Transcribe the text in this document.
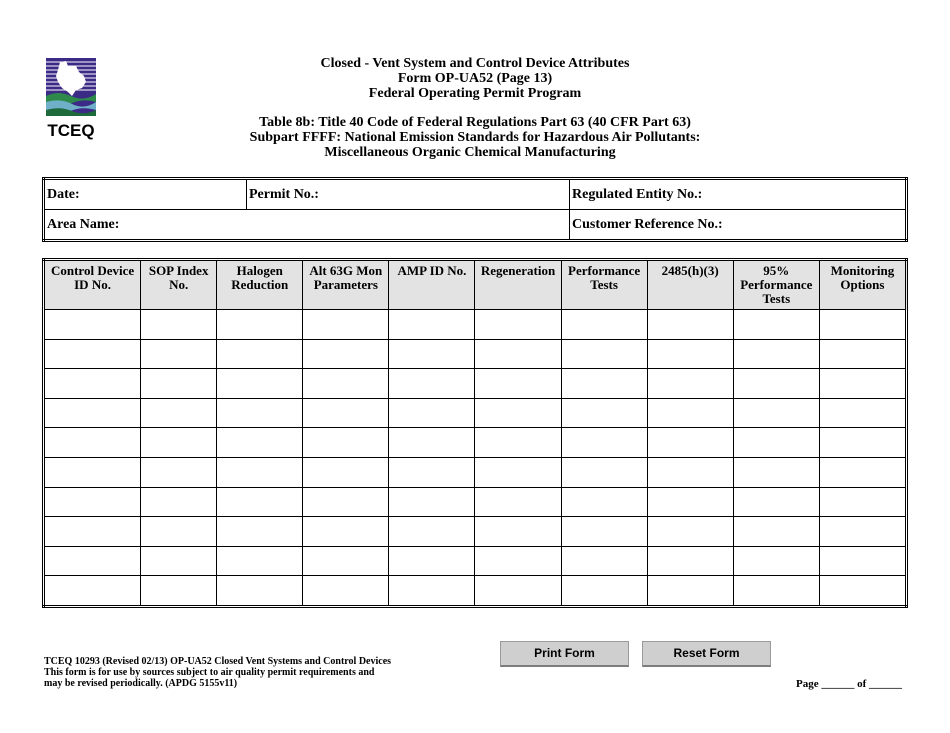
TCEQ
Closed - Vent System and Control Device Attributes
Form OP-UA52 (Page 13)
Federal Operating Permit Program
Table 8b: Title 40 Code of Federal Regulations Part 63 (40 CFR Part 63)
Subpart FFFF: National Emission Standards for Hazardous Air Pollutants:
Miscellaneous Organic Chemical Manufacturing
Date:	Permit No.:	Regulated Entity No.:
Area Name:		Customer Reference No.:
Control Device ID No.	SOP Index No.	Halogen Reduction	Alt 63G Mon Parameters	AMP ID No.	Regeneration	Performance Tests	2485(h)(3)	95% Performance Tests	Monitoring Options

TCEQ 10293 (Revised 02/13) OP-UA52 Closed Vent Systems and Control Devices
This form is for use by sources subject to air quality permit requirements and
may be revised periodically. (APDG 5155v11)
Print Form	Reset Form
Page ______ of ______
